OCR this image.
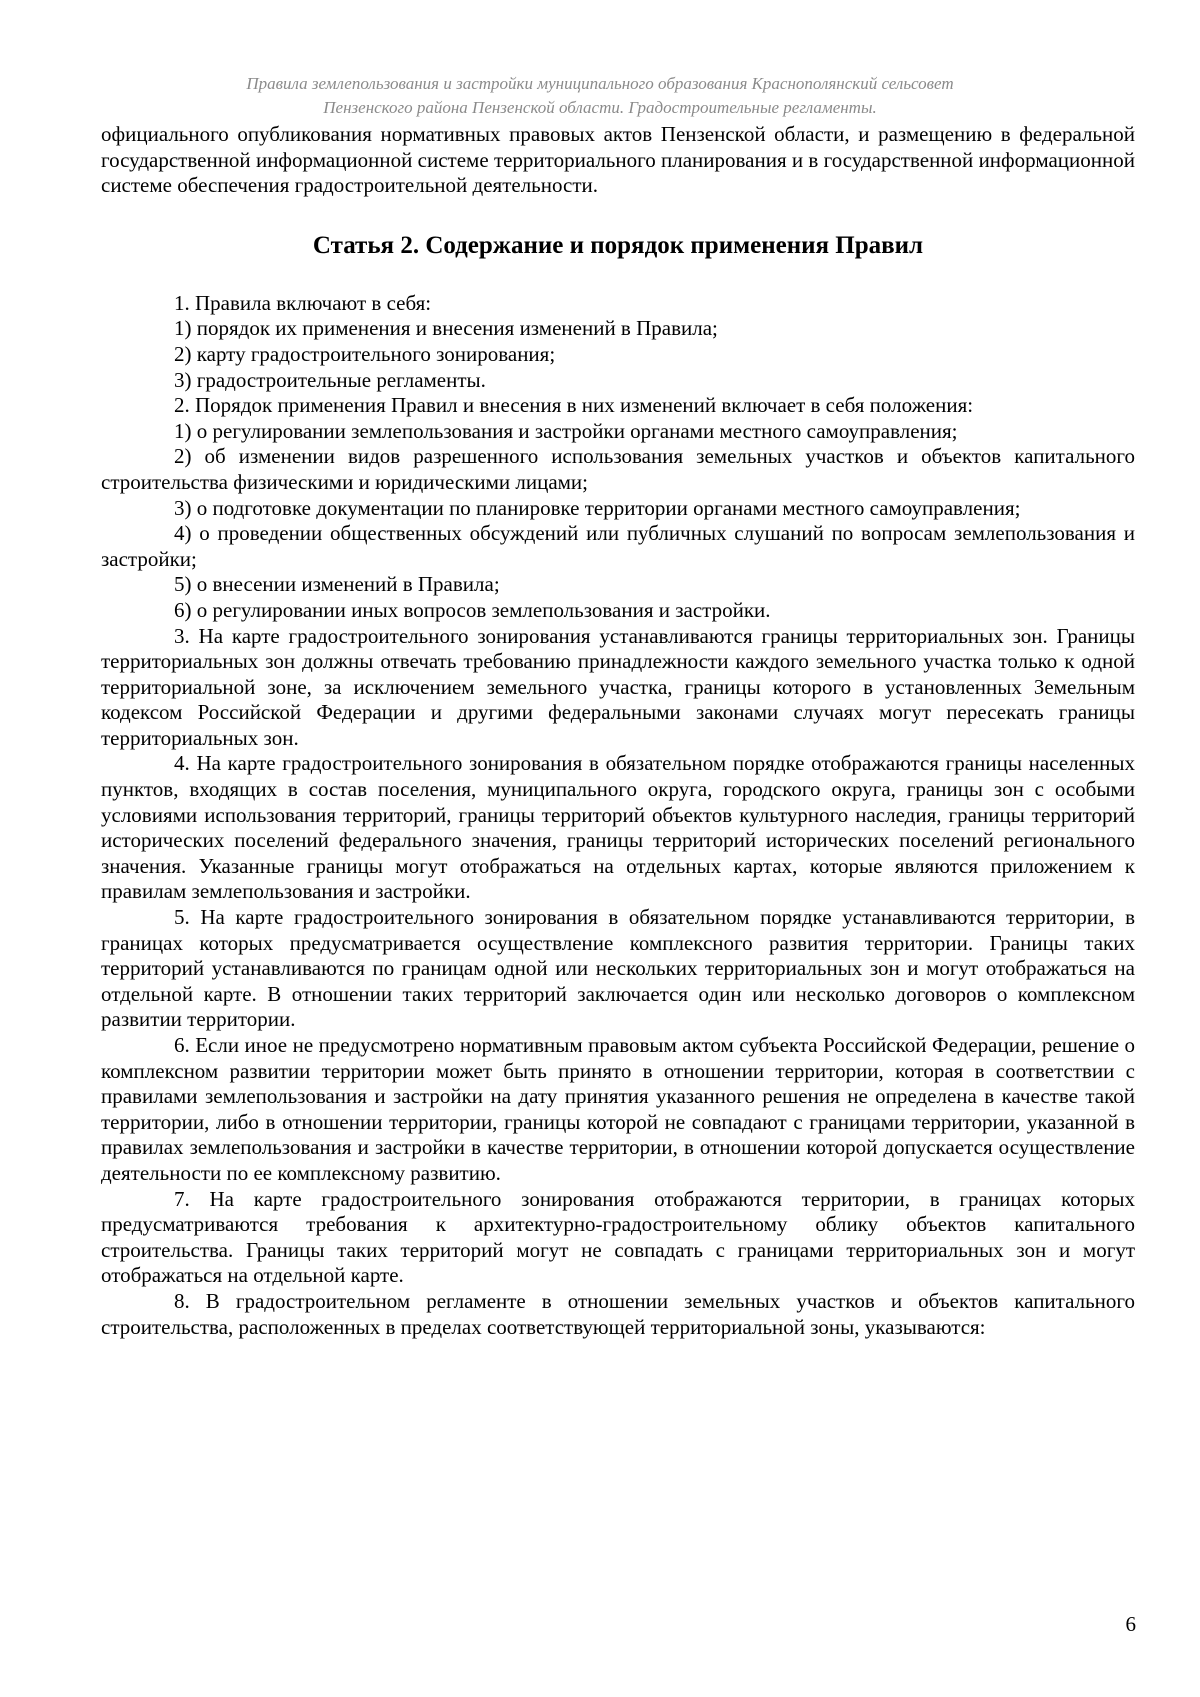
Правила землепользования и застройки муниципального образования Краснополянский сельсовет
Пензенского района Пензенской области. Градостроительные регламенты.

официального опубликования нормативных правовых актов Пензенской области, и размещению в федеральной государственной информационной системе территориального планирования и в государственной информационной системе обеспечения градостроительной деятельности.

Статья 2. Содержание и порядок применения Правил

1. Правила включают в себя:

1) порядок их применения и внесения изменений в Правила;

2) карту градостроительного зонирования;

3) градостроительные регламенты.

2. Порядок применения Правил и внесения в них изменений включает в себя положения:

1) о регулировании землепользования и застройки органами местного самоуправления;

2) об изменении видов разрешенного использования земельных участков и объектов капитального строительства физическими и юридическими лицами;

3) о подготовке документации по планировке территории органами местного самоуправления;

4) о проведении общественных обсуждений или публичных слушаний по вопросам землепользования и застройки;

5) о внесении изменений в Правила;

6) о регулировании иных вопросов землепользования и застройки.

3. На карте градостроительного зонирования устанавливаются границы территориальных зон. Границы территориальных зон должны отвечать требованию принадлежности каждого земельного участка только к одной территориальной зоне, за исключением земельного участка, границы которого в установленных Земельным кодексом Российской Федерации и другими федеральными законами случаях могут пересекать границы территориальных зон.

4. На карте градостроительного зонирования в обязательном порядке отображаются границы населенных пунктов, входящих в состав поселения, муниципального округа, городского округа, границы зон с особыми условиями использования территорий, границы территорий объектов культурного наследия, границы территорий исторических поселений федерального значения, границы территорий исторических поселений регионального значения. Указанные границы могут отображаться на отдельных картах, которые являются приложением к правилам землепользования и застройки.

5. На карте градостроительного зонирования в обязательном порядке устанавливаются территории, в границах которых предусматривается осуществление комплексного развития территории. Границы таких территорий устанавливаются по границам одной или нескольких территориальных зон и могут отображаться на отдельной карте. В отношении таких территорий заключается один или несколько договоров о комплексном развитии территории.

6. Если иное не предусмотрено нормативным правовым актом субъекта Российской Федерации, решение о комплексном развитии территории может быть принято в отношении территории, которая в соответствии с правилами землепользования и застройки на дату принятия указанного решения не определена в качестве такой территории, либо в отношении территории, границы которой не совпадают с границами территории, указанной в правилах землепользования и застройки в качестве территории, в отношении которой допускается осуществление деятельности по ее комплексному развитию.

7. На карте градостроительного зонирования отображаются территории, в границах которых предусматриваются требования к архитектурно-градостроительному облику объектов капитального строительства. Границы таких территорий могут не совпадать с границами территориальных зон и могут отображаться на отдельной карте.

8. В градостроительном регламенте в отношении земельных участков и объектов капитального строительства, расположенных в пределах соответствующей территориальной зоны, указываются:

6
